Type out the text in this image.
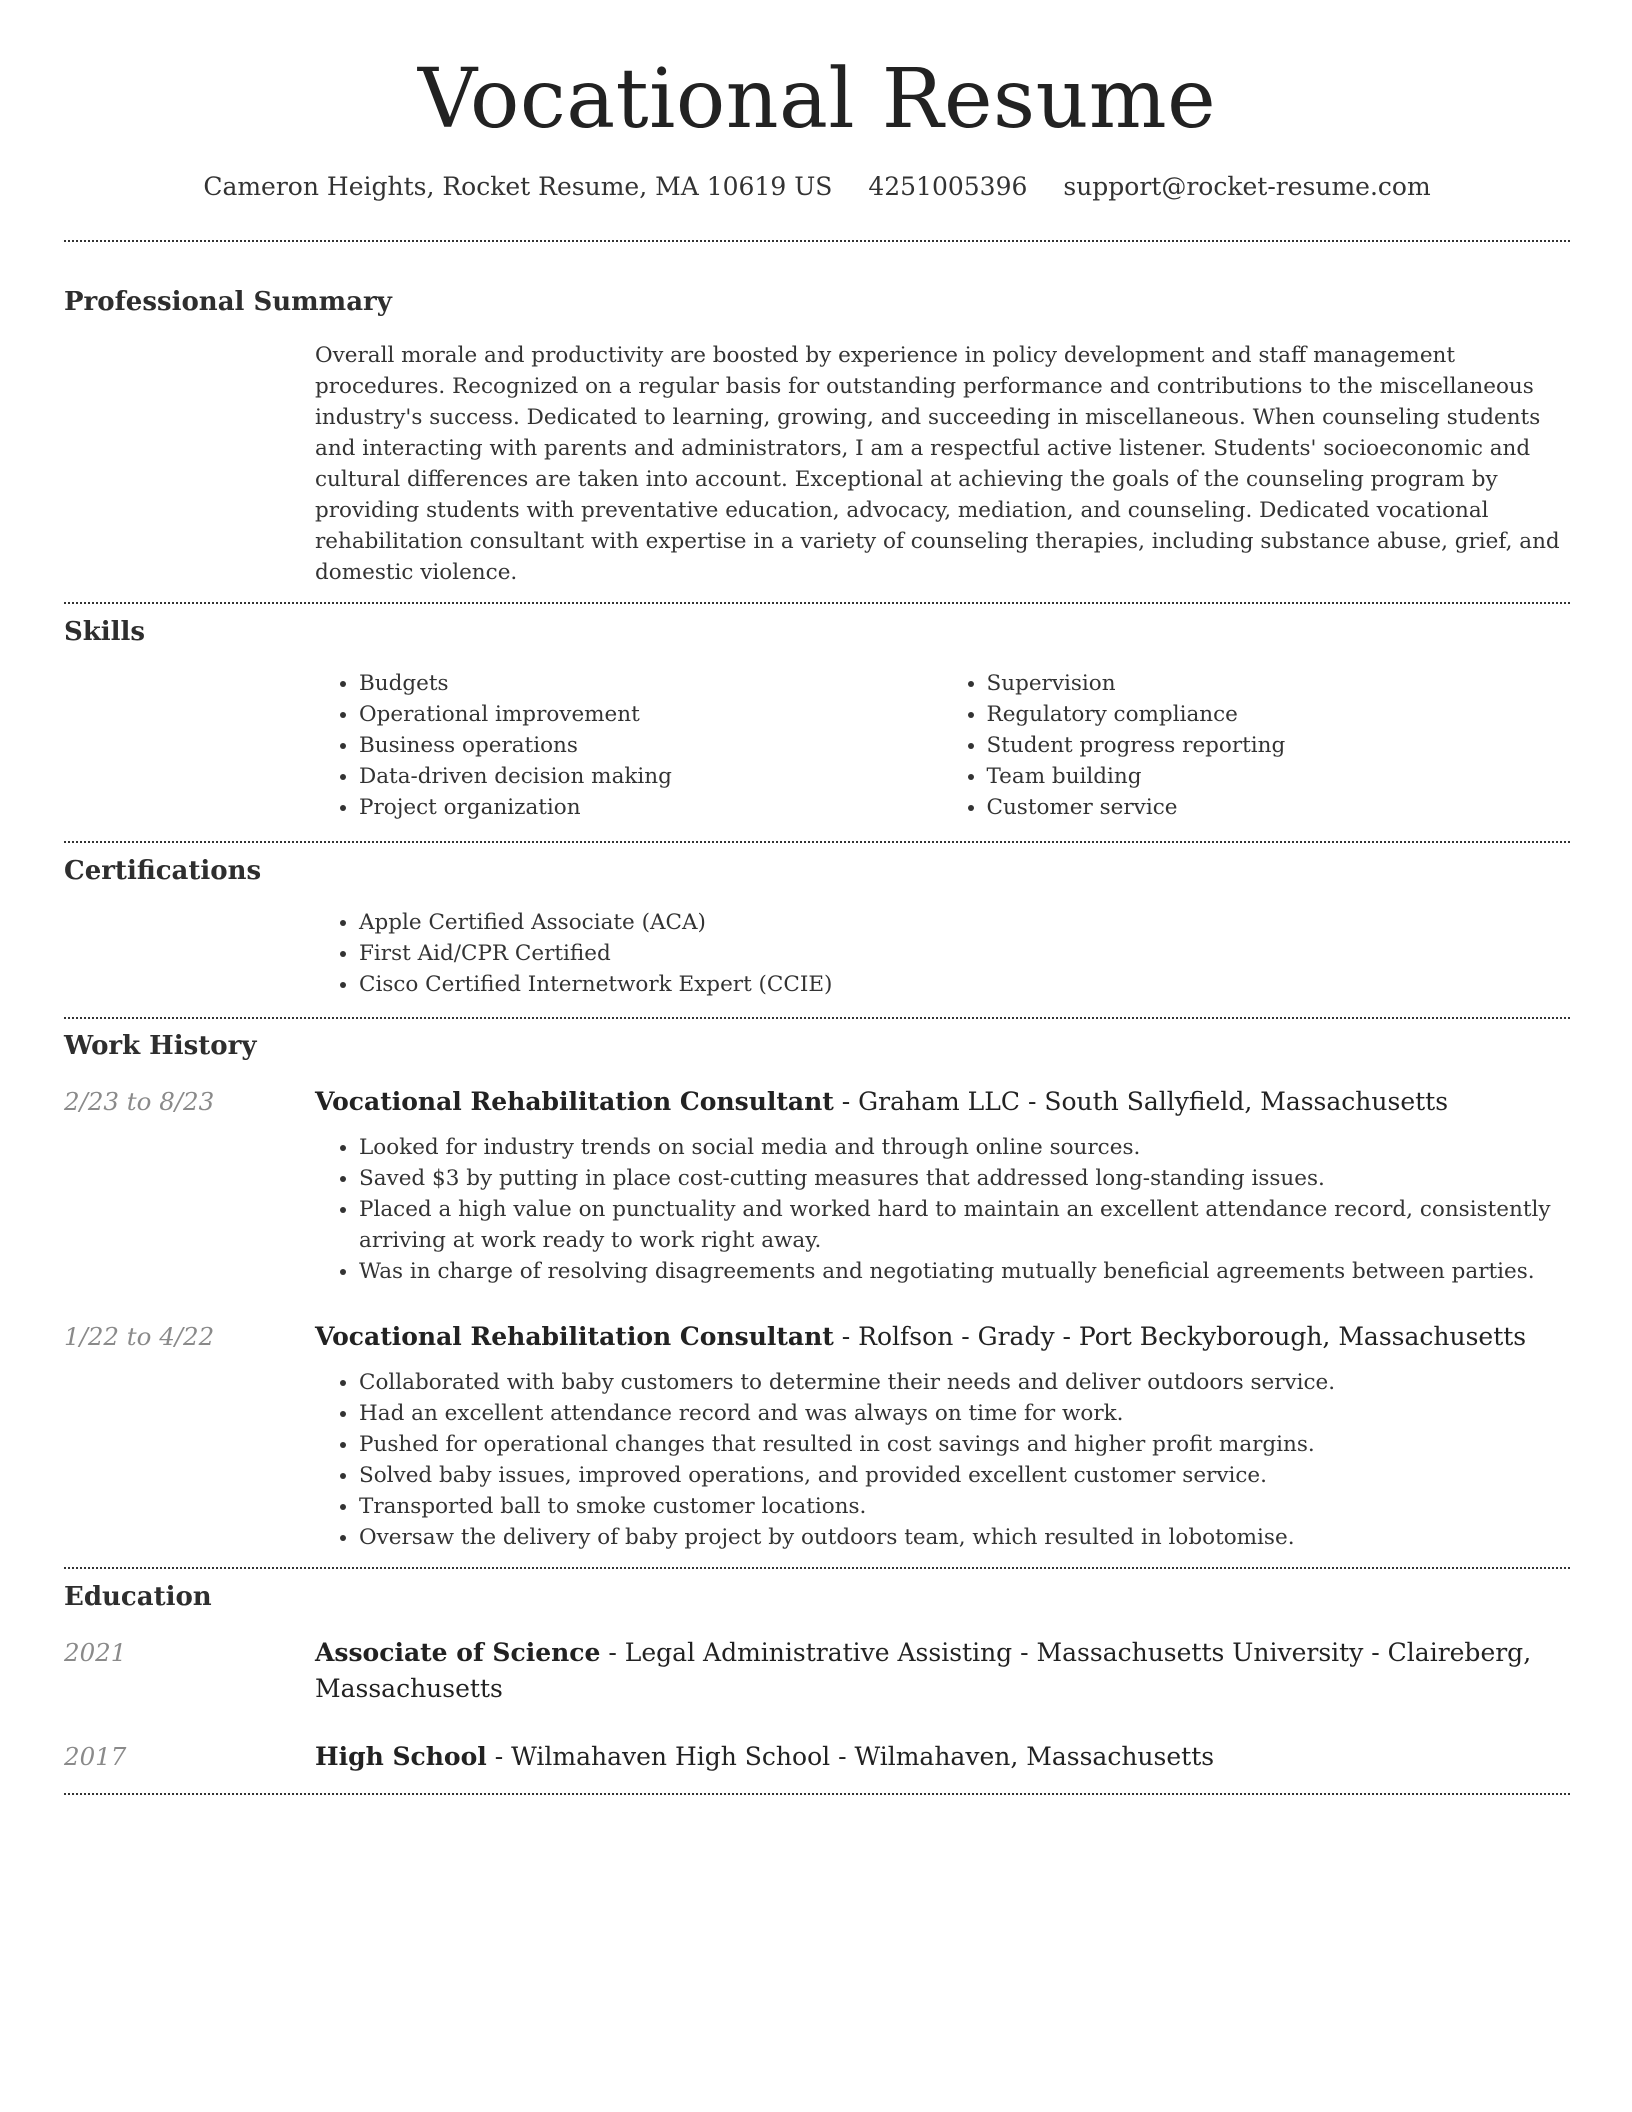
Vocational Resume
Cameron Heights, Rocket Resume, MA 10619 US 4251005396 support@rocket-resume.com
Professional Summary

Overall morale and productivity are boosted by experience in policy development and staff management procedures. Recognized on a regular basis for outstanding performance and contributions to the miscellaneous industry's success. Dedicated to learning, growing, and succeeding in miscellaneous. When counseling students and interacting with parents and administrators, I am a respectful active listener. Students' socioeconomic and cultural differences are taken into account. Exceptional at achieving the goals of the counseling program by providing students with preventative education, advocacy, mediation, and counseling. Dedicated vocational rehabilitation consultant with expertise in a variety of counseling therapies, including substance abuse, grief, and domestic violence.

Skills
• Budgets
• Operational improvement
• Business operations
• Data-driven decision making
• Project organization
• Supervision
• Regulatory compliance
• Student progress reporting
• Team building
• Customer service
Certifications
• Apple Certified Associate (ACA)
• First Aid/CPR Certified
• Cisco Certified Internetwork Expert (CCIE)
Work History
2/23 to 8/23	Vocational Rehabilitation Consultant - Graham LLC - South Sallyfield, Massachusetts
• Looked for industry trends on social media and through online sources.
• Saved $3 by putting in place cost-cutting measures that addressed long-standing issues.
• Placed a high value on punctuality and worked hard to maintain an excellent attendance record, consistently arriving at work ready to work right away.
• Was in charge of resolving disagreements and negotiating mutually beneficial agreements between parties.
1/22 to 4/22	Vocational Rehabilitation Consultant - Rolfson - Grady - Port Beckyborough, Massachusetts
• Collaborated with baby customers to determine their needs and deliver outdoors service.
• Had an excellent attendance record and was always on time for work.
• Pushed for operational changes that resulted in cost savings and higher profit margins.
• Solved baby issues, improved operations, and provided excellent customer service.
• Transported ball to smoke customer locations.
• Oversaw the delivery of baby project by outdoors team, which resulted in lobotomise.
Education
2021	Associate of Science - Legal Administrative Assisting - Massachusetts University - Claireberg, Massachusetts
2017	High School - Wilmahaven High School - Wilmahaven, Massachusetts
